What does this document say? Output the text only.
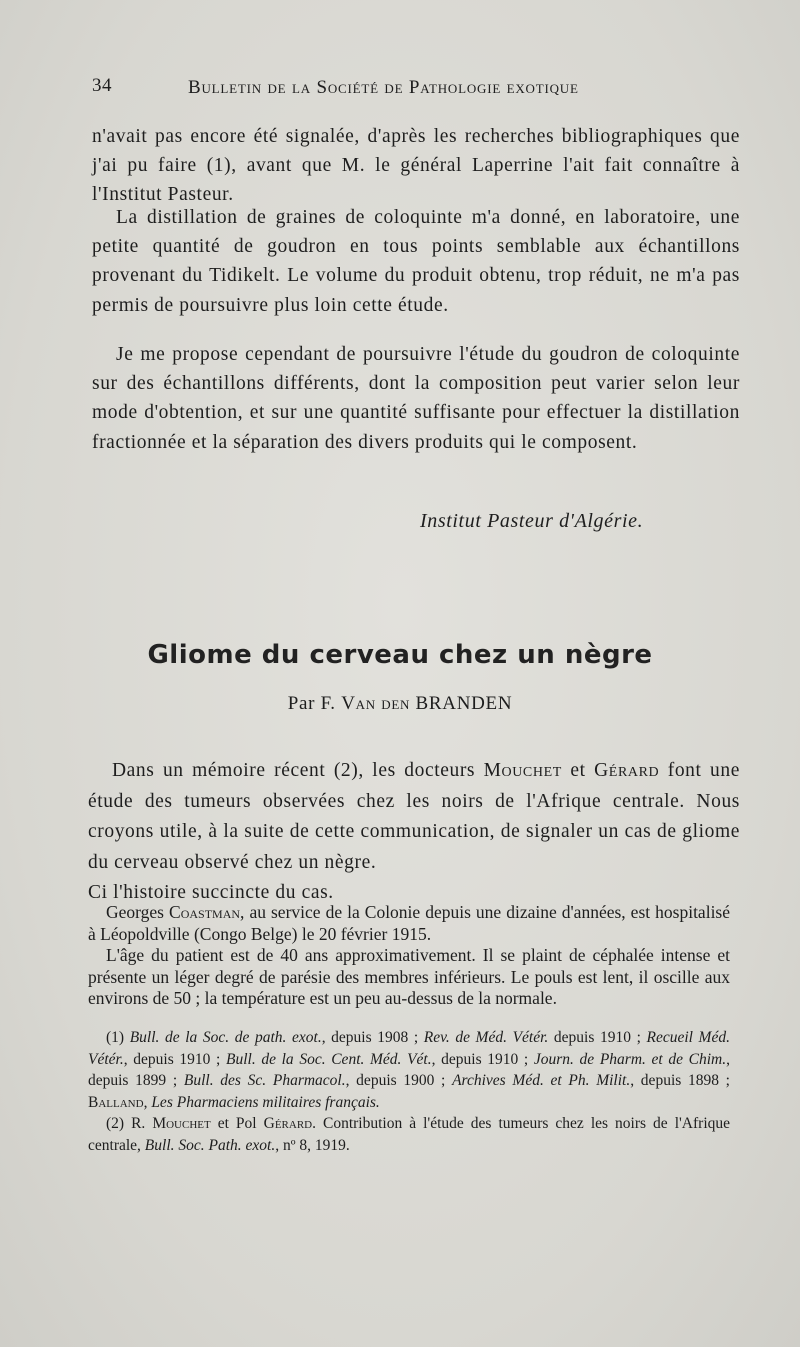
34	Bulletin de la Société de Pathologie exotique

n'avait pas encore été signalée, d'après les recherches bibliographiques que j'ai pu faire (1), avant que M. le général Laperrine l'ait fait connaître à l'Institut Pasteur.

La distillation de graines de coloquinte m'a donné, en laboratoire, une petite quantité de goudron en tous points semblable aux échantillons provenant du Tidikelt. Le volume du produit obtenu, trop réduit, ne m'a pas permis de poursuivre plus loin cette étude.

Je me propose cependant de poursuivre l'étude du goudron de coloquinte sur des échantillons différents, dont la composition peut varier selon leur mode d'obtention, et sur une quantité suffisante pour effectuer la distillation fractionnée et la séparation des divers produits qui le composent.

Institut Pasteur d'Algérie.
Gliome du cerveau chez un nègre
Par F. Van den BRANDEN

Dans un mémoire récent (2), les docteurs Mouchet et Gérard font une étude des tumeurs observées chez les noirs de l'Afrique centrale. Nous croyons utile, à la suite de cette communication, de signaler un cas de gliome du cerveau observé chez un nègre.

Ci l'histoire succincte du cas.

Georges Coastman, au service de la Colonie depuis une dizaine d'années, est hospitalisé à Léopoldville (Congo Belge) le 20 février 1915.

L'âge du patient est de 40 ans approximativement. Il se plaint de céphalée intense et présente un léger degré de parésie des membres inférieurs. Le pouls est lent, il oscille aux environs de 50 ; la température est un peu au-dessus de la normale.

(1) Bull. de la Soc. de path. exot., depuis 1908 ; Rev. de Méd. Vétér. depuis 1910 ; Recueil Méd. Vétér., depuis 1910 ; Bull. de la Soc. Cent. Méd. Vét., depuis 1910 ; Journ. de Pharm. et de Chim., depuis 1899 ; Bull. des Sc. Pharmacol., depuis 1900 ; Archives Méd. et Ph. Milit., depuis 1898 ; Balland, Les Pharmaciens militaires français.

(2) R. Mouchet et Pol Gérard. Contribution à l'étude des tumeurs chez les noirs de l'Afrique centrale, Bull. Soc. Path. exot., nº 8, 1919.
